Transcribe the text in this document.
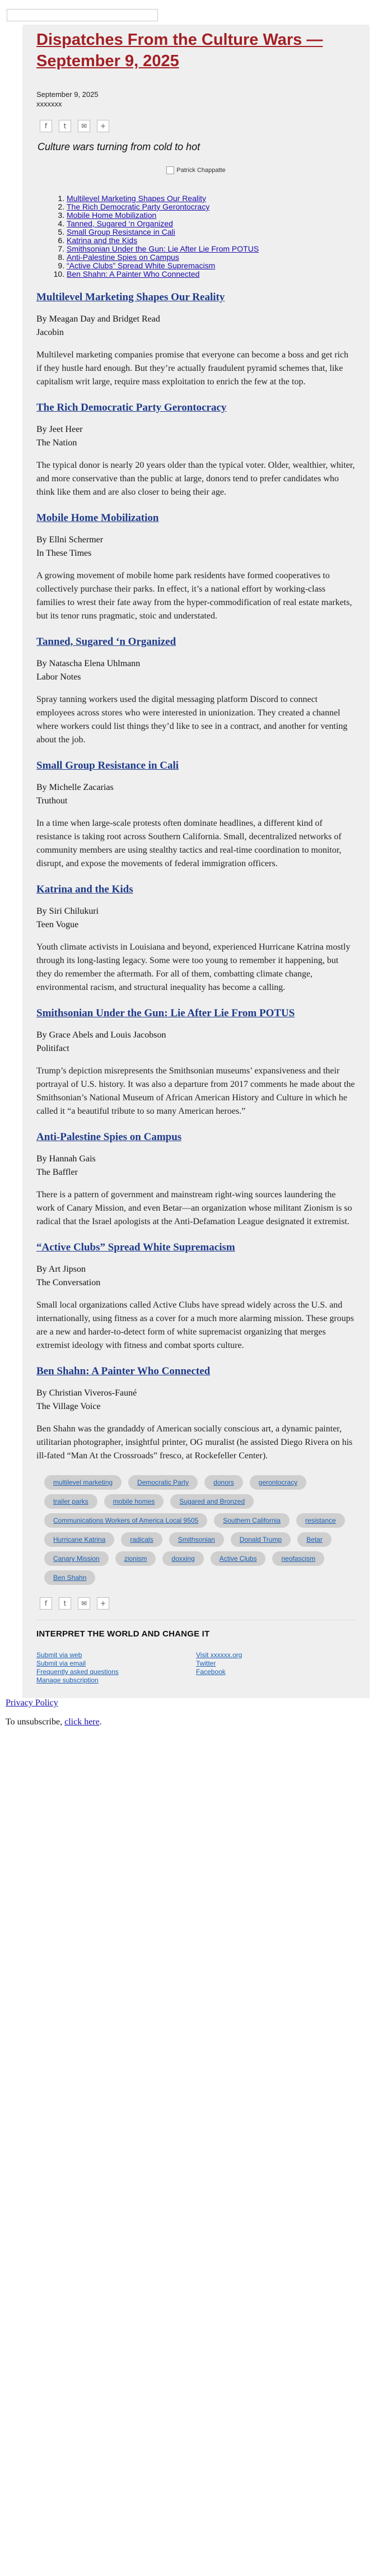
Dispatches From the Culture Wars — September 9, 2025

September 9, 2025

xxxxxxx

f	t	✉	+

Culture wars turning from cold to hot

Patrick Chappatte
1. Multilevel Marketing Shapes Our Reality
2. The Rich Democratic Party Gerontocracy
3. Mobile Home Mobilization
4. Tanned, Sugared ‘n Organized
5. Small Group Resistance in Cali
6. Katrina and the Kids
7. Smithsonian Under the Gun: Lie After Lie From POTUS
8. Anti-Palestine Spies on Campus
9. “Active Clubs” Spread White Supremacism
10. Ben Shahn: A Painter Who Connected
Multilevel Marketing Shapes Our Reality

By Meagan Day and Bridget Read

Jacobin

Multilevel marketing companies promise that everyone can become a boss and get rich if they hustle hard enough. But they’re actually fraudulent pyramid schemes that, like capitalism writ large, require mass exploitation to enrich the few at the top.

The Rich Democratic Party Gerontocracy

By Jeet Heer

The Nation

The typical donor is nearly 20 years older than the typical voter. Older, wealthier, whiter, and more conservative than the public at large, donors tend to prefer candidates who think like them and are also closer to being their age.

Mobile Home Mobilization

By Ellni Schermer

In These Times

A growing movement of mobile home park residents have formed cooperatives to collectively purchase their parks. In effect, it’s a national effort by working-class families to wrest their fate away from the hyper-commodification of real estate markets, but its tenor runs pragmatic, stoic and understated.

Tanned, Sugared ‘n Organized

By Natascha Elena Uhlmann

Labor Notes

Spray tanning workers used the digital messaging platform Discord to connect employees across stores who were interested in unionization. They created a channel where workers could list things they’d like to see in a contract, and another for venting about the job.

Small Group Resistance in Cali

By Michelle Zacarias

Truthout

In a time when large-scale protests often dominate headlines, a different kind of resistance is taking root across Southern California. Small, decentralized networks of community members are using stealthy tactics and real-time coordination to monitor, disrupt, and expose the movements of federal immigration officers.

Katrina and the Kids

By Siri Chilukuri

Teen Vogue

Youth climate activists in Louisiana and beyond, experienced Hurricane Katrina mostly through its long-lasting legacy. Some were too young to remember it happening, but they do remember the aftermath. For all of them, combatting climate change, environmental racism, and structural inequality has become a calling.

Smithsonian Under the Gun: Lie After Lie From POTUS

By Grace Abels and Louis Jacobson

Politifact

Trump’s depiction misrepresents the Smithsonian museums’ expansiveness and their portrayal of U.S. history. It was also a departure from 2017 comments he made about the Smithsonian’s National Museum of African American History and Culture in which he called it “a beautiful tribute to so many American heroes.”

Anti-Palestine Spies on Campus

By Hannah Gais

The Baffler

There is a pattern of government and mainstream right-wing sources laundering the work of Canary Mission, and even Betar—an organization whose militant Zionism is so radical that the Israel apologists at the Anti-Defamation League designated it extremist.

“Active Clubs” Spread White Supremacism

By Art Jipson

The Conversation

Small local organizations called Active Clubs have spread widely across the U.S. and internationally, using fitness as a cover for a much more alarming mission. These groups are a new and harder-to-detect form of white supremacist organizing that merges extremist ideology with fitness and combat sports culture.

Ben Shahn: A Painter Who Connected

By Christian Viveros-Fauné

The Village Voice

Ben Shahn was the grandaddy of American socially conscious art, a dynamic painter, utilitarian photographer, insightful printer, OG muralist (he assisted Diego Rivera on his ill-fated “Man At the Crossroads” fresco, at Rockefeller Center).

multilevel marketing	Democratic Party	donors	gerontocracy
trailer parks	mobile homes	Sugared and Bronzed
Communications Workers of America Local 9505	Southern California	resistance
Hurricane Katrina	radicals	Smithsonian	Donald Trump	Betar
Canary Mission	zionism	doxxing	Active Clubs	neofascism
Ben Shahn
f	t	✉	+
INTERPRET THE WORLD AND CHANGE IT
Submit via web
Submit via email
Frequently asked questions
Manage subscription
Visit xxxxxx.org
Twitter
Facebook

Privacy Policy

To unsubscribe, click here.
